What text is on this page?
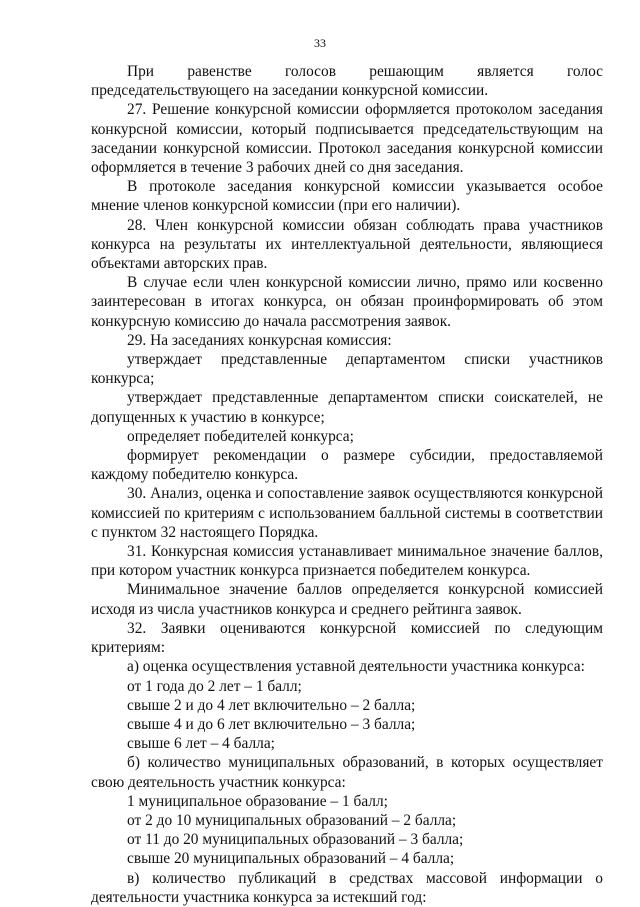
33

При равенстве голосов решающим является голос председательствующего на заседании конкурсной комиссии.

27. Решение конкурсной комиссии оформляется протоколом заседания конкурсной комиссии, который подписывается председательствующим на заседании конкурсной комиссии. Протокол заседания конкурсной комиссии оформляется в течение 3 рабочих дней со дня заседания.

В протоколе заседания конкурсной комиссии указывается особое мнение членов конкурсной комиссии (при его наличии).

28. Член конкурсной комиссии обязан соблюдать права участников конкурса на результаты их интеллектуальной деятельности, являющиеся объектами авторских прав.

В случае если член конкурсной комиссии лично, прямо или косвенно заинтересован в итогах конкурса, он обязан проинформировать об этом конкурсную комиссию до начала рассмотрения заявок.

29. На заседаниях конкурсная комиссия:

утверждает представленные департаментом списки участников конкурса;

утверждает представленные департаментом списки соискателей, не допущенных к участию в конкурсе;

определяет победителей конкурса;

формирует рекомендации о размере субсидии, предоставляемой каждому победителю конкурса.

30. Анализ, оценка и сопоставление заявок осуществляются конкурсной комиссией по критериям с использованием балльной системы в соответствии с пунктом 32 настоящего Порядка.

31. Конкурсная комиссия устанавливает минимальное значение баллов, при котором участник конкурса признается победителем конкурса.

Минимальное значение баллов определяется конкурсной комиссией исходя из числа участников конкурса и среднего рейтинга заявок.

32. Заявки оцениваются конкурсной комиссией по следующим критериям:

а) оценка осуществления уставной деятельности участника конкурса:

от 1 года до 2 лет – 1 балл;

свыше 2 и до 4 лет включительно – 2 балла;

свыше 4 и до 6 лет включительно – 3 балла;

свыше 6 лет – 4 балла;

б) количество муниципальных образований, в которых осуществляет свою деятельность участник конкурса:

1 муниципальное образование – 1 балл;

от 2 до 10 муниципальных образований – 2 балла;

от 11 до 20 муниципальных образований – 3 балла;

свыше 20 муниципальных образований – 4 балла;

в) количество публикаций в средствах массовой информации о деятельности участника конкурса за истекший год:
